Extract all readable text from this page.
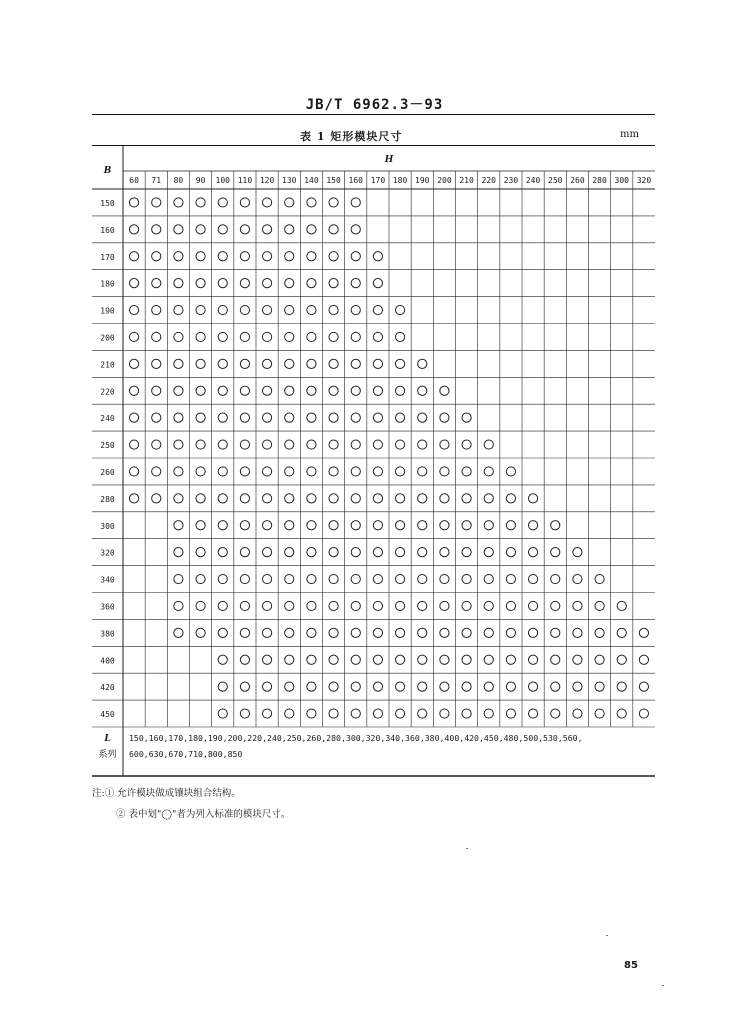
JB/T 6962.3－93
表 1 矩形模块尺寸	mm
B
H
60 71 80 90 100 110 120 130 140 150 160 170 180 190 200 210 220 230 240 250 260 280 300 320
150
160
170
180
190
200
210
220
240
250
260
280
300
320
340
360
380
400
420
450
L
系列
150,160,170,180,190,200,220,240,250,260,280,300,320,340,360,380,400,420,450,480,500,530,560,
600,630,670,710,800,850
注:① 允许模块做成镶块组合结构。
② 表中划"◯"者为列入标准的模块尺寸。
85
